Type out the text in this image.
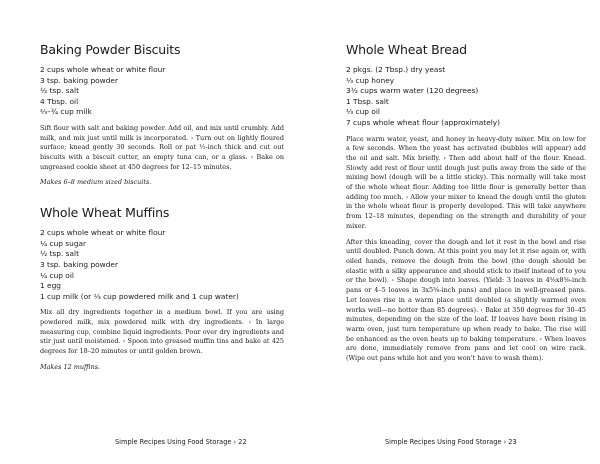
Baking Powder Biscuits
2 cups whole wheat or white flour
3 tsp. baking powder
½ tsp. salt
4 Tbsp. oil
⅔–¾ cup milk

Sift flour with salt and baking powder. Add oil, and mix until crumbly. Add milk, and mix just until milk is incorporated. › Turn out on lightly floured surface; knead gently 30 seconds. Roll or pat ½-inch thick and cut out biscuits with a biscuit cutter, an empty tuna can, or a glass. › Bake on ungreased cookie sheet at 450 degrees for 12–15 minutes.

Makes 6–8 medium sized biscuits.

Whole Wheat Muffins
2 cups whole wheat or white flour
¼ cup sugar
½ tsp. salt
3 tsp. baking powder
¼ cup oil
1 egg
1 cup milk (or ⅓ cup powdered milk and 1 cup water)

Mix all dry ingredients together in a medium bowl. If you are using powdered milk, mix powdered milk with dry ingredients. › In large measuring cup, combine liquid ingredients. Pour over dry ingredients and stir just until moistened. › Spoon into greased muffin tins and bake at 425 degrees for 18–20 minutes or until golden brown.

Makes 12 muffins.

Simple Recipes Using Food Storage › 22
Whole Wheat Bread
2 pkgs. (2 Tbsp.) dry yeast
⅓ cup honey
3½ cups warm water (120 degrees)
1 Tbsp. salt
⅓ cup oil
7 cups whole wheat flour (approximately)

Place warm water, yeast, and honey in heavy-duty mixer. Mix on low for a few seconds. When the yeast has activated (bubbles will appear) add the oil and salt. Mix briefly. › Then add about half of the flour. Knead. Slowly add rest of flour until dough just pulls away from the side of the mixing bowl (dough will be a little sticky). This normally will take most of the whole wheat flour. Adding too little flour is generally better than adding too much. › Allow your mixer to knead the dough until the gluten in the whole wheat flour is properly developed. This will take anywhere from 12–18 minutes, depending on the strength and durability of your mixer.

After this kneading, cover the dough and let it rest in the bowl and rise until doubled. Punch down. At this point you may let it rise again or, with oiled hands, remove the dough from the bowl (the dough should be elastic with a silky appearance and should stick to itself instead of to you or the bowl). › Shape dough into loaves. (Yield: 3 loaves in 4⅝x8⅝-inch pans or 4–5 loaves in 3x5⅝-inch pans) and place in well-greased pans. Let loaves rise in a warm place until doubled (a slightly warmed oven works well—no hotter than 85 degrees). › Bake at 350 degrees for 30–45 minutes, depending on the size of the loaf. If loaves have been rising in warm oven, just turn temperature up when ready to bake. The rise will be enhanced as the oven heats up to baking temperature. › When loaves are done, immediately remove from pans and let cool on wire rack. (Wipe out pans while hot and you won't have to wash them).

Simple Recipes Using Food Storage › 23
